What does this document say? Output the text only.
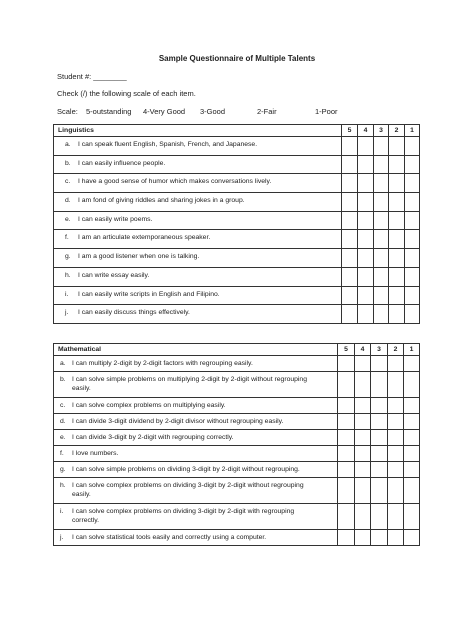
Sample Questionnaire of Multiple Talents
Student #: ________
Check (/) the following scale of each item.
Scale: 5-outstanding 4-Very Good 3-Good	2-Fair	1-Poor
Linguistics	5	4	3	2	1
a. I can speak fluent English, Spanish, French, and Japanese.					
b. I can easily influence people.					
c. I have a good sense of humor which makes conversations lively.					
d. I am fond of giving riddles and sharing jokes in a group.					
e. I can easily write poems.					
f. I am an articulate extemporaneous speaker.					
g. I am a good listener when one is talking.					
h. I can write essay easily.					
i. I can easily write scripts in English and Filipino.					
j. I can easily discuss things effectively.					
Mathematical	5	4	3	2	1
a. I can multiply 2-digit by 2-digit factors with regrouping easily.					
b. I can solve simple problems on multiplying 2-digit by 2-digit without regrouping
easily.					

c. I can solve complex problems on multiplying easily.					
d. I can divide 3-digit dividend by 2-digit divisor without regrouping easily.					
e. I can divide 3-digit by 2-digit with regrouping correctly.					
f. I love numbers.					
g. I can solve simple problems on dividing 3-digit by 2-digit without regrouping.					
h. I can solve complex problems on dividing 3-digit by 2-digit without regrouping
easily.					

i. I can solve complex problems on dividing 3-digit by 2-digit with regrouping
correctly.					

j. I can solve statistical tools easily and correctly using a computer.					
